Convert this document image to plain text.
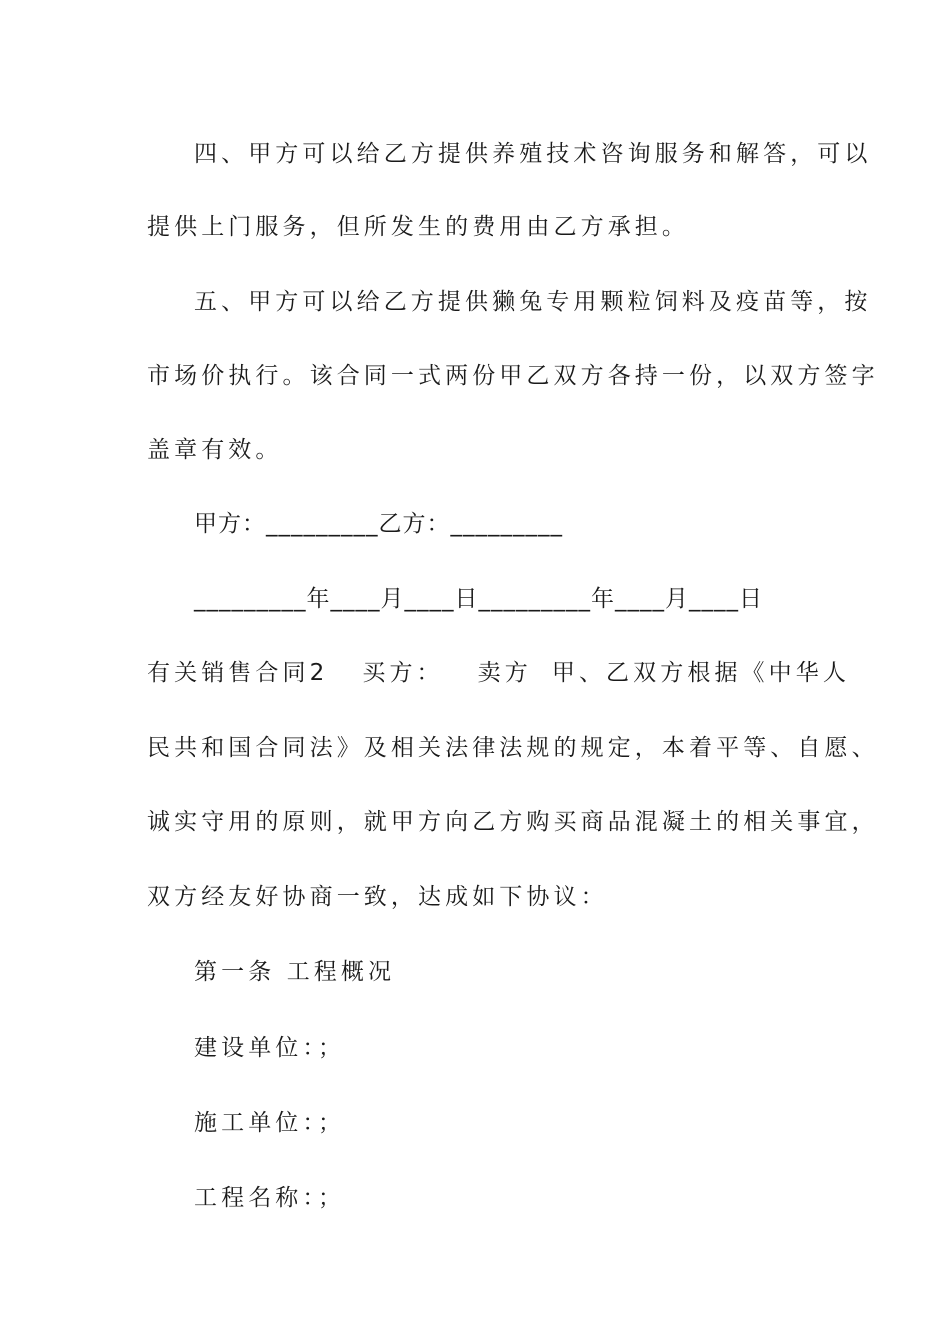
四、甲方可以给乙方提供养殖技术咨询服务和解答，可以
提供上门服务，但所发生的费用由乙方承担。
五、甲方可以给乙方提供獭兔专用颗粒饲料及疫苗等，按
市场价执行。该合同一式两份甲乙双方各持一份，以双方签字
盖章有效。
甲方：_________乙方：_________
_________年____月____日_________年____月____日
有关销售合同2 买方： 卖方 甲、乙双方根据《中华人
民共和国合同法》及相关法律法规的规定，本着平等、自愿、
诚实守用的原则，就甲方向乙方购买商品混凝土的相关事宜，
双方经友好协商一致，达成如下协议：
第一条 工程概况
建设单位：；
施工单位：；
工程名称：；
